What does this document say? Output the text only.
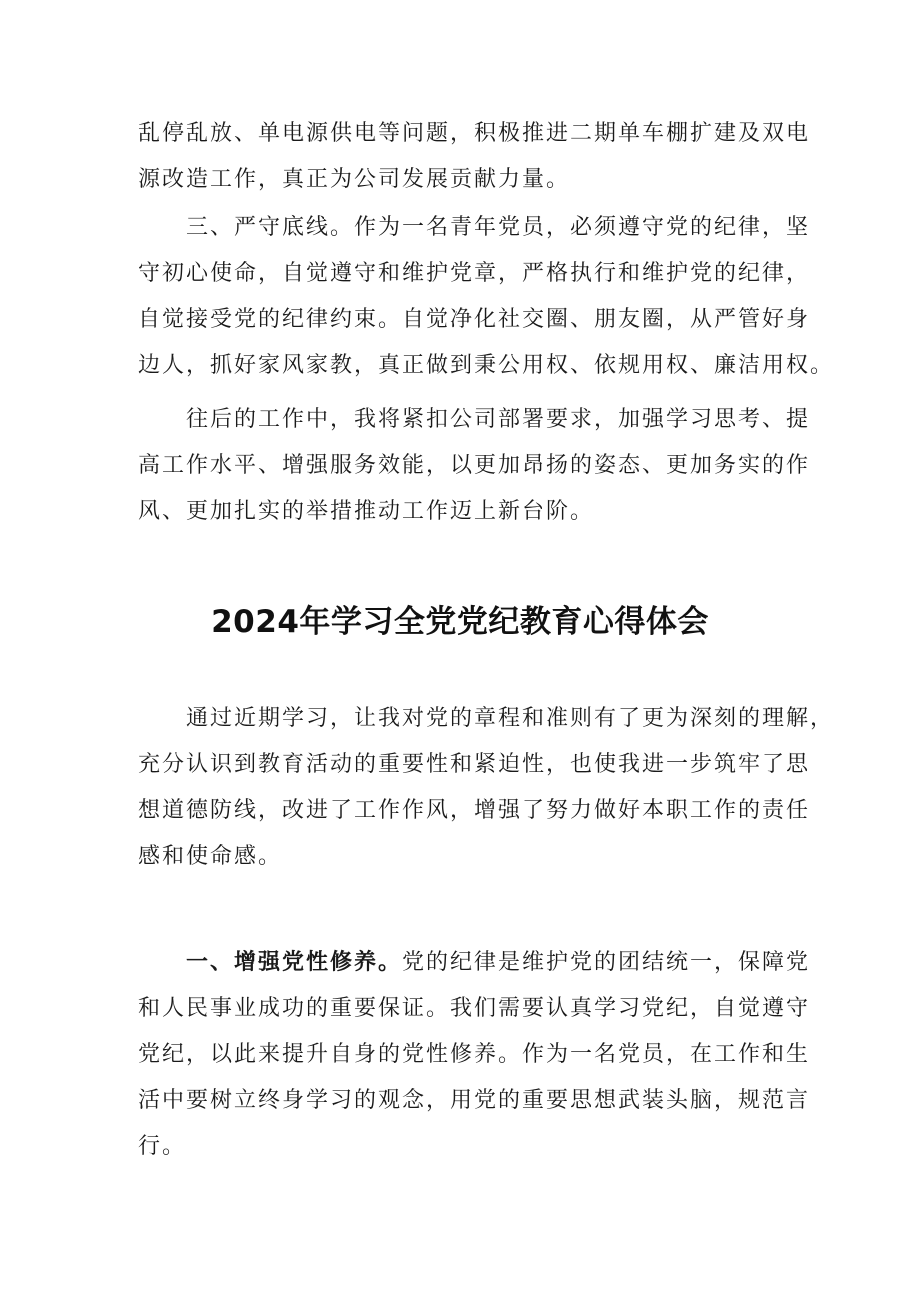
乱停乱放、单电源供电等问题，积极推进二期单车棚扩建及双电
源改造工作，真正为公司发展贡献力量。

　　三、严守底线。作为一名青年党员，必须遵守党的纪律，坚
守初心使命，自觉遵守和维护党章，严格执行和维护党的纪律，
自觉接受党的纪律约束。自觉净化社交圈、朋友圈，从严管好身
边人，抓好家风家教，真正做到秉公用权、依规用权、廉洁用权。

　　往后的工作中，我将紧扣公司部署要求，加强学习思考、提
高工作水平、增强服务效能，以更加昂扬的姿态、更加务实的作
风、更加扎实的举措推动工作迈上新台阶。

2024年学习全党党纪教育心得体会

　　通过近期学习，让我对党的章程和准则有了更为深刻的理解，
充分认识到教育活动的重要性和紧迫性，也使我进一步筑牢了思
想道德防线，改进了工作作风，增强了努力做好本职工作的责任
感和使命感。

　　一、增强党性修养。党的纪律是维护党的团结统一，保障党
和人民事业成功的重要保证。我们需要认真学习党纪，自觉遵守
党纪，以此来提升自身的党性修养。作为一名党员，在工作和生
活中要树立终身学习的观念，用党的重要思想武装头脑，规范言
行。
